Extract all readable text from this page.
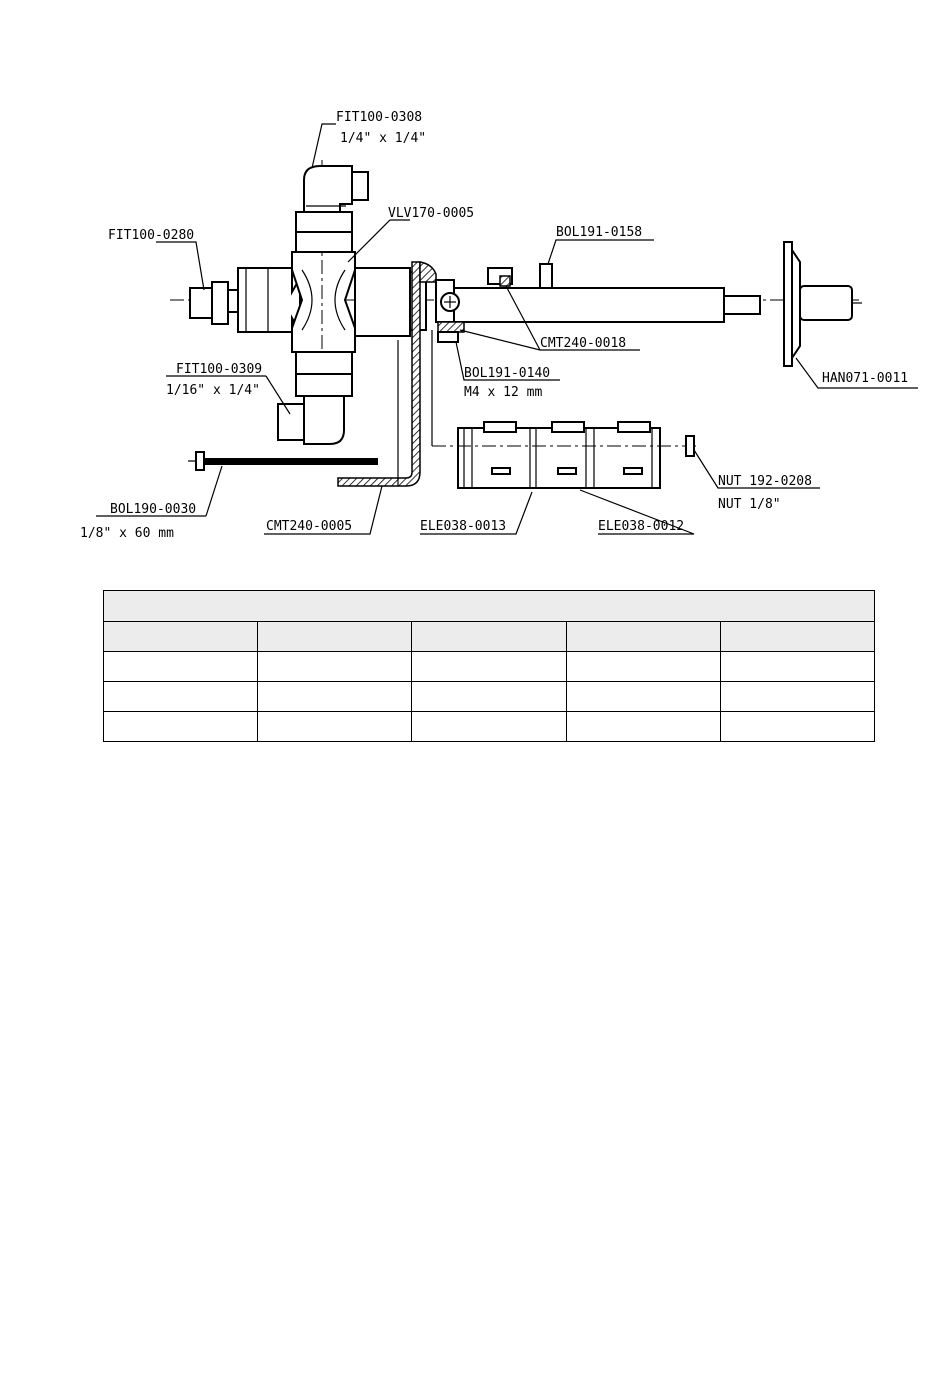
FIT100-0308
1/4" x 1/4"
VLV170-0005
FIT100-0280	BOL191-0158
CMT240-0018
BOL191-0140
M4 x 12 mm
FIT100-0309
1/16" x 1/4"
HAN071-0011
NUT 192-0208
NUT 1/8"
BOL190-0030
1/8" x 60 mm	CMT240-0005	ELE038-0013	ELE038-0012
